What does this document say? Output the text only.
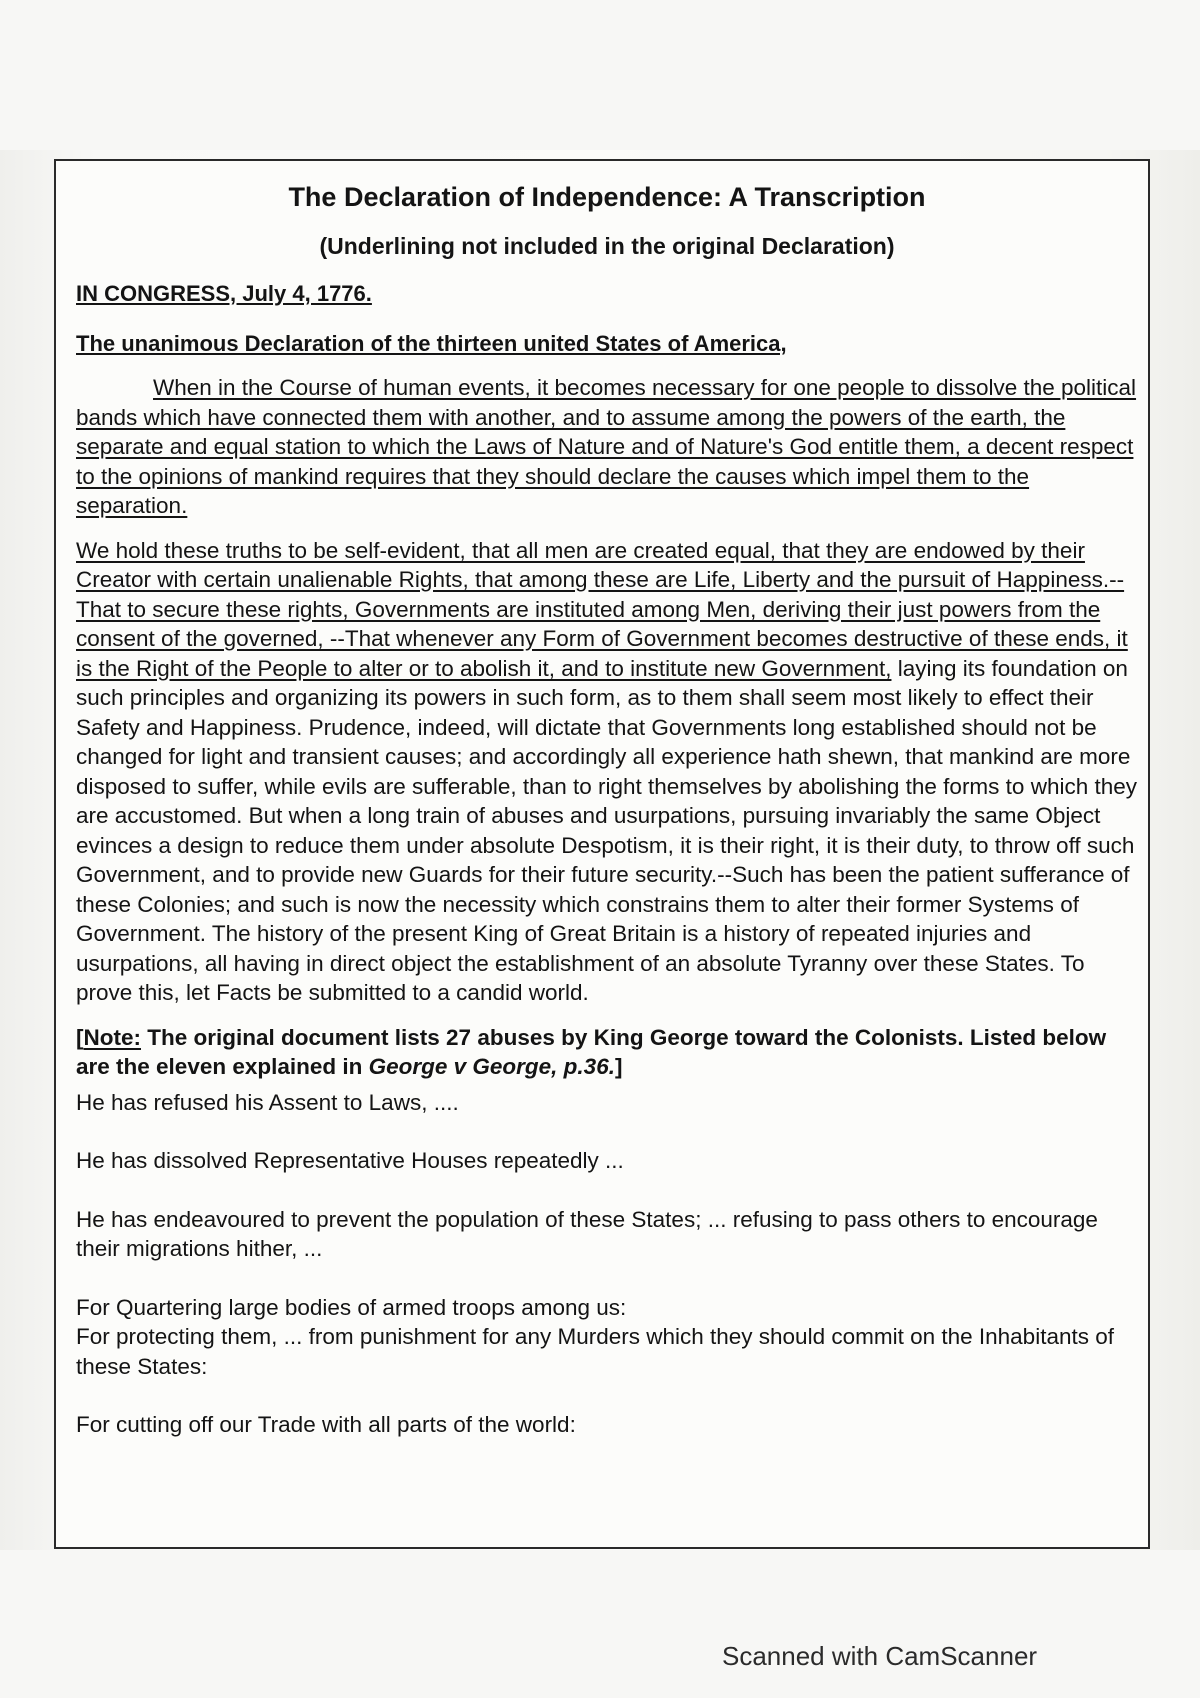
The Declaration of Independence: A Transcription
(Underlining not included in the original Declaration)
IN CONGRESS, July 4, 1776.
The unanimous Declaration of the thirteen united States of America,

When in the Course of human events, it becomes necessary for one people to dissolve the political bands which have connected them with another, and to assume among the powers of the earth, the separate and equal station to which the Laws of Nature and of Nature's God entitle them, a decent respect to the opinions of mankind requires that they should declare the causes which impel them to the separation.

We hold these truths to be self-evident, that all men are created equal, that they are endowed by their Creator with certain unalienable Rights, that among these are Life, Liberty and the pursuit of Happiness.--That to secure these rights, Governments are instituted among Men, deriving their just powers from the consent of the governed, --That whenever any Form of Government becomes destructive of these ends, it is the Right of the People to alter or to abolish it, and to institute new Government, laying its foundation on such principles and organizing its powers in such form, as to them shall seem most likely to effect their Safety and Happiness. Prudence, indeed, will dictate that Governments long established should not be changed for light and transient causes; and accordingly all experience hath shewn, that mankind are more disposed to suffer, while evils are sufferable, than to right themselves by abolishing the forms to which they are accustomed. But when a long train of abuses and usurpations, pursuing invariably the same Object evinces a design to reduce them under absolute Despotism, it is their right, it is their duty, to throw off such Government, and to provide new Guards for their future security.--Such has been the patient sufferance of these Colonies; and such is now the necessity which constrains them to alter their former Systems of Government. The history of the present King of Great Britain is a history of repeated injuries and usurpations, all having in direct object the establishment of an absolute Tyranny over these States. To prove this, let Facts be submitted to a candid world.

[Note: The original document lists 27 abuses by King George toward the Colonists. Listed below are the eleven explained in George v George, p.36.]

He has refused his Assent to Laws, ....

He has dissolved Representative Houses repeatedly ...

He has endeavoured to prevent the population of these States; ... refusing to pass others to encourage their migrations hither, ...

For Quartering large bodies of armed troops among us:

For protecting them, ... from punishment for any Murders which they should commit on the Inhabitants of these States:

For cutting off our Trade with all parts of the world:

Scanned with CamScanner
